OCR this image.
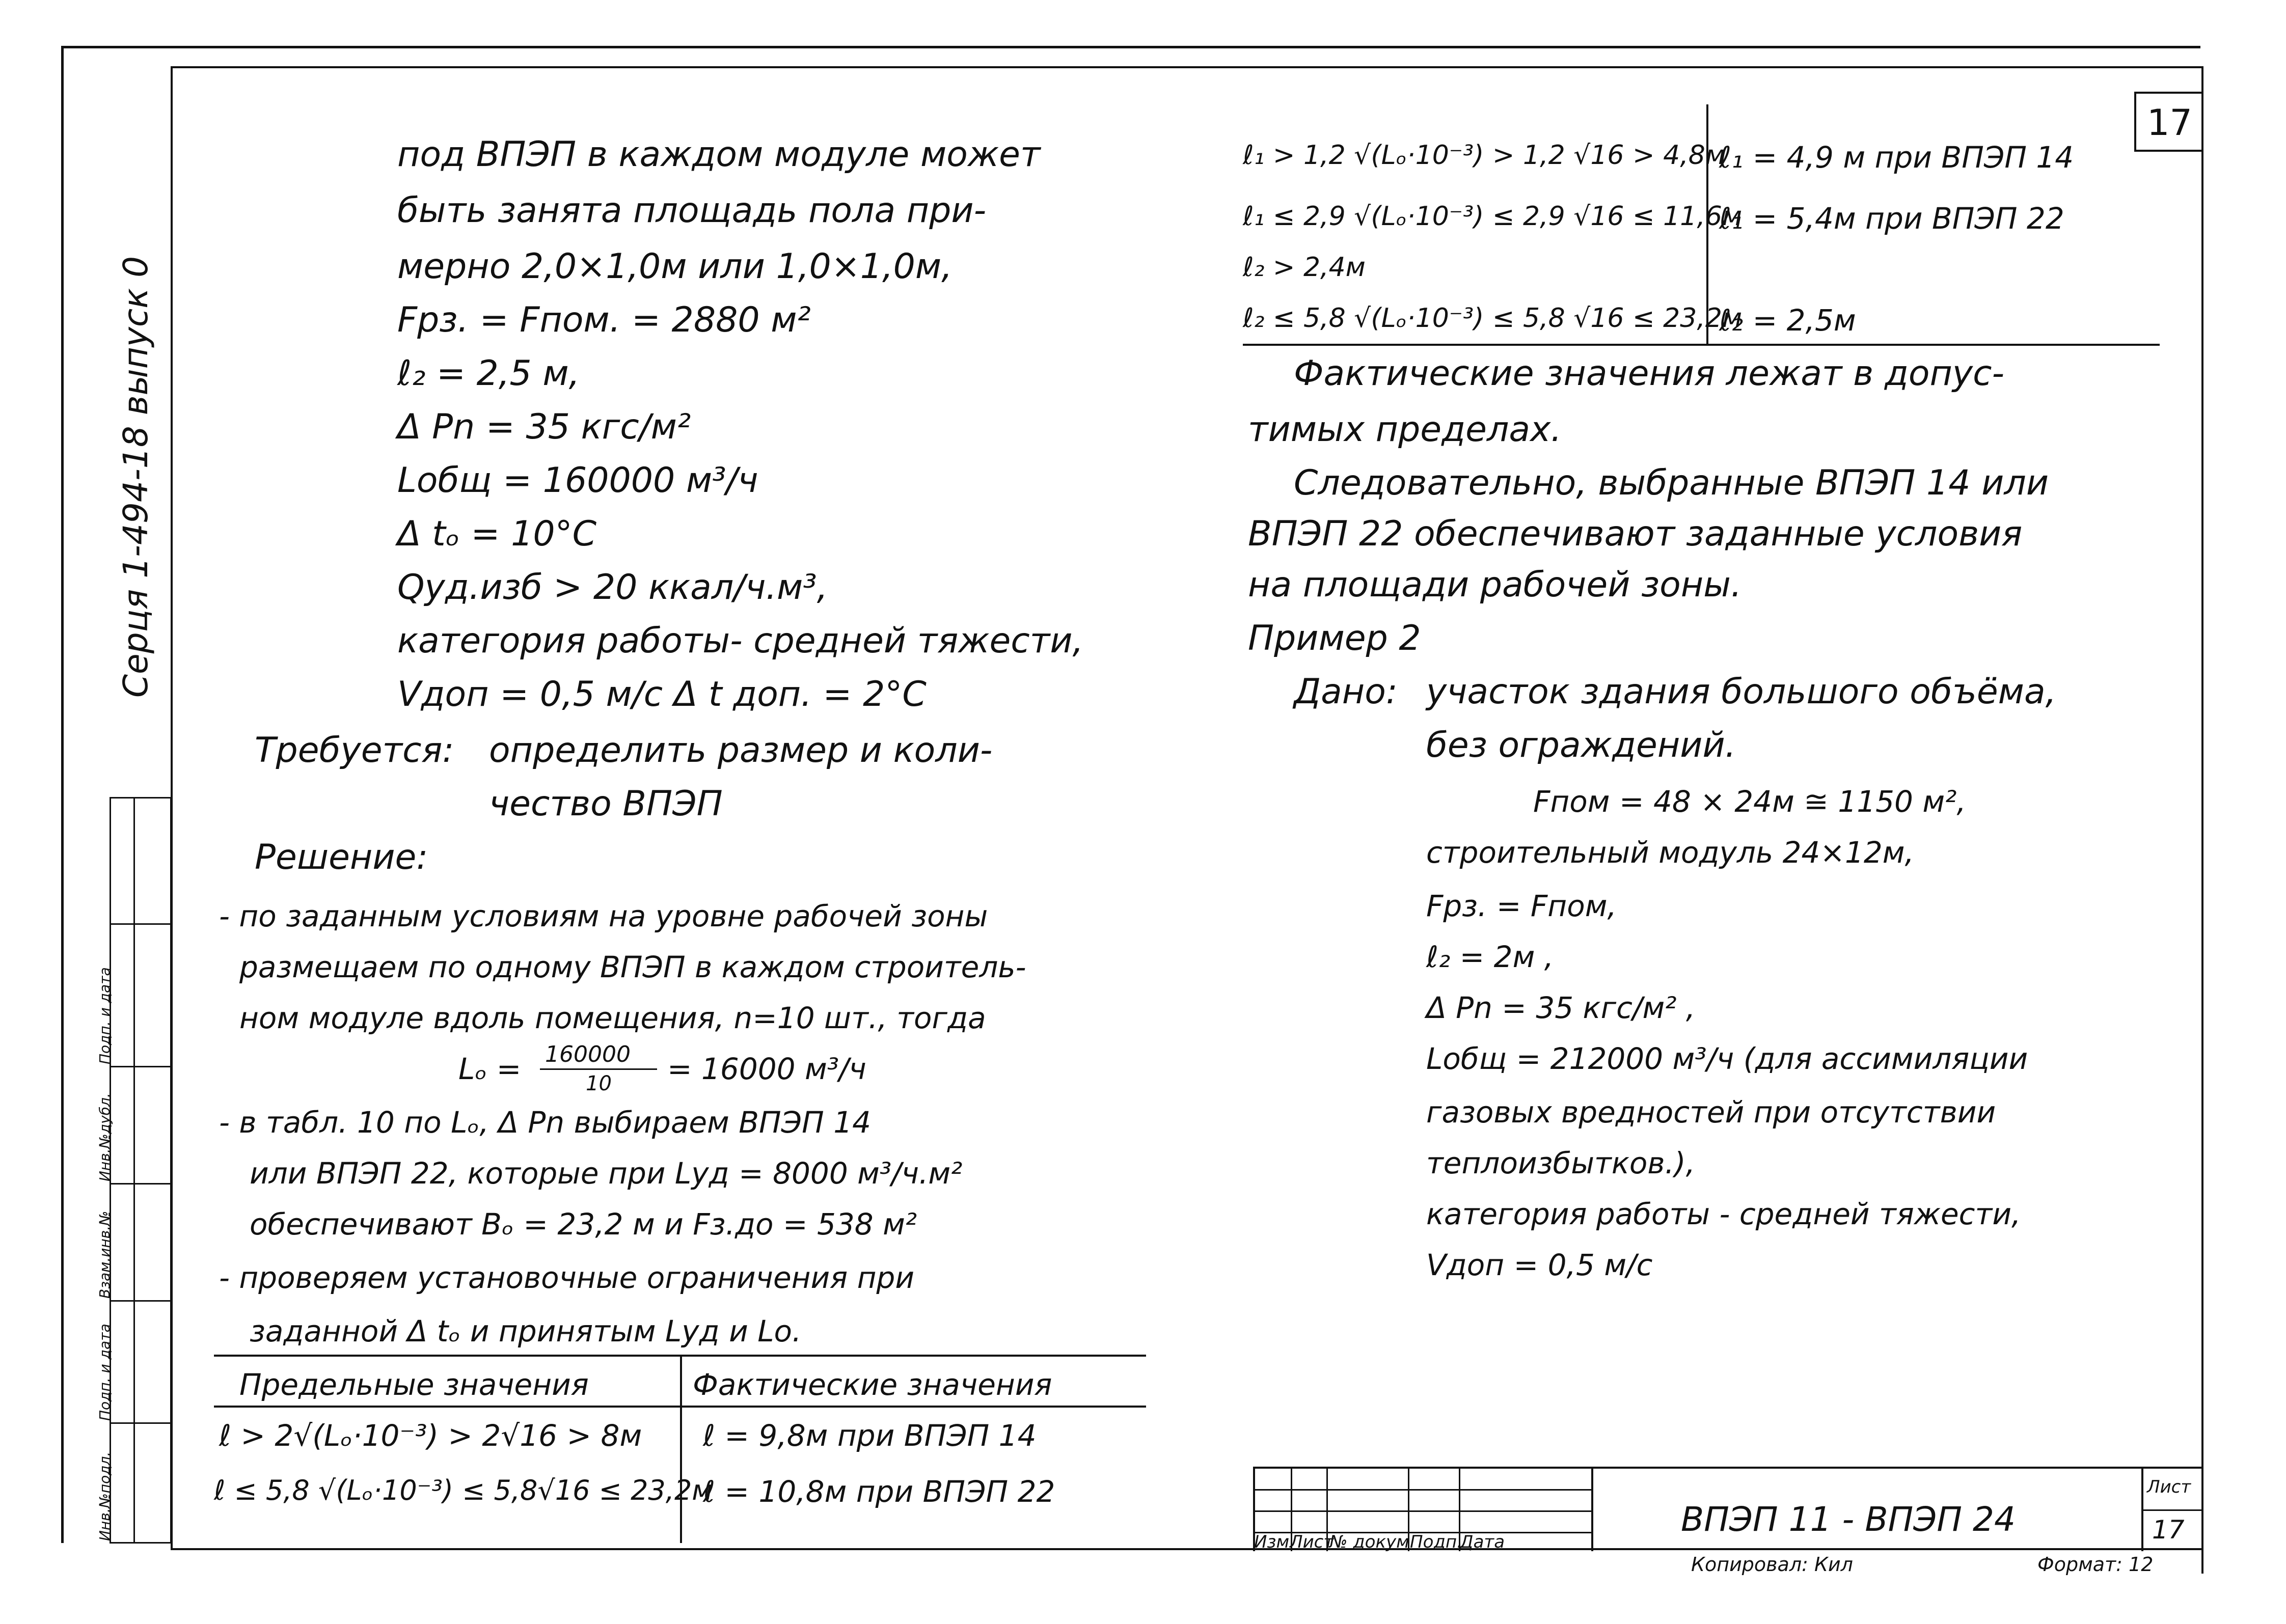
17
Серця 1-494-18 выпуск 0
Инв.№подл.
Подп. и дата
Взам.инв.№
Инв.№дубл.
Подп. и дата
под ВПЭП в каждом модуле может
быть занята площадь пола при-
мерно 2,0×1,0м или 1,0×1,0м,
Fрз. = Fпом. = 2880 м²
ℓ₂ = 2,5 м,
Δ Pn = 35 кгс/м²
Lобщ = 160000 м³/ч
Δ tₒ = 10°C
Qуд.изб > 20 ккал/ч.м³,
категория работы- средней тяжести,
Vдоп = 0,5 м/с Δ t доп. = 2°C
Требуется: определить размер и коли-
чество ВПЭП
Решение:
- по заданным условиям на уровне рабочей зоны
размещаем по одному ВПЭП в каждом строитель-
ном модуле вдоль помещения, n=10 шт., тогда
Lₒ = 160000
10 = 16000 м³/ч
- в табл. 10 по Lₒ, Δ Pn выбираем ВПЭП 14
или ВПЭП 22, которые при Lуд = 8000 м³/ч.м²
обеспечивают Bₒ = 23,2 м и Fз.дo = 538 м²
- проверяем установочные ограничения при
заданной Δ tₒ и принятым Lуд и Lo.
Предельные значения	Фактические значения
ℓ > 2√(Lₒ·10⁻³) > 2√16 > 8м ℓ = 9,8м при ВПЭП 14
ℓ ≤ 5,8 √(Lₒ·10⁻³) ≤ 5,8√16 ≤ 23,2м
ℓ = 10,8м при ВПЭП 22
ℓ₁ > 1,2 √(Lₒ·10⁻³) > 1,2 √16 > 4,8м
ℓ₁ = 4,9 м при ВПЭП 14
ℓ₁ ≤ 2,9 √(Lₒ·10⁻³) ≤ 2,9 √16 ≤ 11,6м
ℓ₁ = 5,4м при ВПЭП 22
ℓ₂ > 2,4м
ℓ₂ ≤ 5,8 √(Lₒ·10⁻³) ≤ 5,8 √16 ≤ 23,2м
ℓ₂ = 2,5м
Фактические значения лежат в допус-
тимых пределах.
Следовательно, выбранные ВПЭП 14 или
ВПЭП 22 обеспечивают заданные условия
на площади рабочей зоны.
Пример 2
Дано: участок здания большого объёма,
без ограждений.
Fпом = 48 × 24м ≅ 1150 м²,
строительный модуль 24×12м,
Fрз. = Fпом,
ℓ₂ = 2м ,
Δ Pn = 35 кгс/м² ,
Lобщ = 212000 м³/ч (для ассимиляции
газовых вредностей при отсутствии
теплоизбытков.),
категория работы - средней тяжести,
Vдоп = 0,5 м/с
Изм.
Лист
№ докум Подп.
Дата
ВПЭП 11 - ВПЭП 24
Лист
17
Копировал: Кил	Формат: 12
